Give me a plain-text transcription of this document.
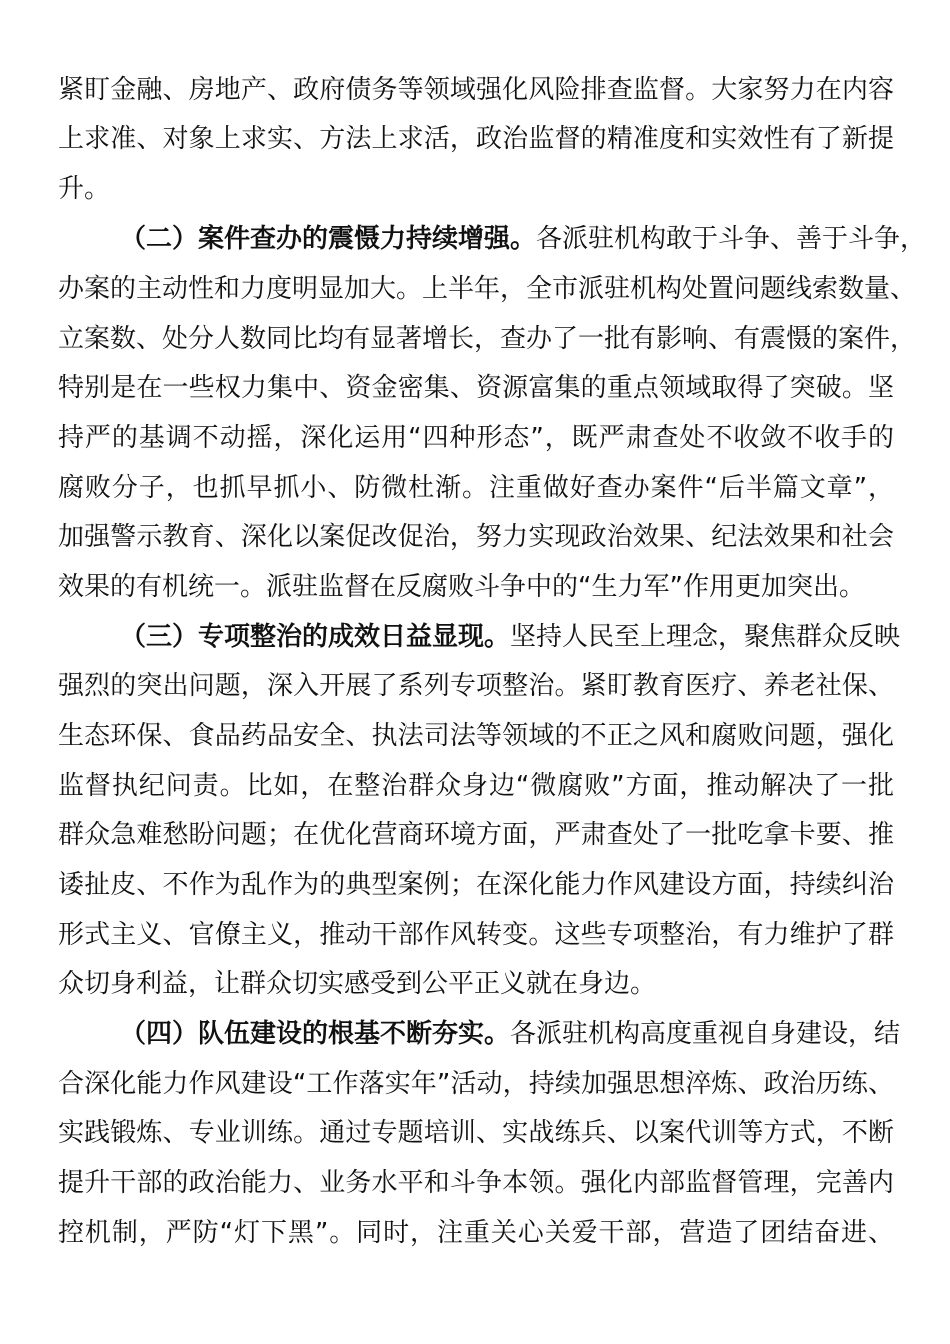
紧盯金融、房地产、政府债务等领域强化风险排查监督。大家努力在内容
上求准、对象上求实、方法上求活，政治监督的精准度和实效性有了新提
升。
（二）案件查办的震慑力持续增强。各派驻机构敢于斗争、善于斗争，
办案的主动性和力度明显加大。上半年，全市派驻机构处置问题线索数量、
立案数、处分人数同比均有显著增长，查办了一批有影响、有震慑的案件，
特别是在一些权力集中、资金密集、资源富集的重点领域取得了突破。坚
持严的基调不动摇，深化运用“四种形态”，既严肃查处不收敛不收手的
腐败分子，也抓早抓小、防微杜渐。注重做好查办案件“后半篇文章”，
加强警示教育、深化以案促改促治，努力实现政治效果、纪法效果和社会
效果的有机统一。派驻监督在反腐败斗争中的“生力军”作用更加突出。
（三）专项整治的成效日益显现。坚持人民至上理念，聚焦群众反映
强烈的突出问题，深入开展了系列专项整治。紧盯教育医疗、养老社保、
生态环保、食品药品安全、执法司法等领域的不正之风和腐败问题，强化
监督执纪问责。比如，在整治群众身边“微腐败”方面，推动解决了一批
群众急难愁盼问题；在优化营商环境方面，严肃查处了一批吃拿卡要、推
诿扯皮、不作为乱作为的典型案例；在深化能力作风建设方面，持续纠治
形式主义、官僚主义，推动干部作风转变。这些专项整治，有力维护了群
众切身利益，让群众切实感受到公平正义就在身边。
（四）队伍建设的根基不断夯实。各派驻机构高度重视自身建设，结
合深化能力作风建设“工作落实年”活动，持续加强思想淬炼、政治历练、
实践锻炼、专业训练。通过专题培训、实战练兵、以案代训等方式，不断
提升干部的政治能力、业务水平和斗争本领。强化内部监督管理，完善内
控机制，严防“灯下黑”。同时，注重关心关爱干部，营造了团结奋进、
